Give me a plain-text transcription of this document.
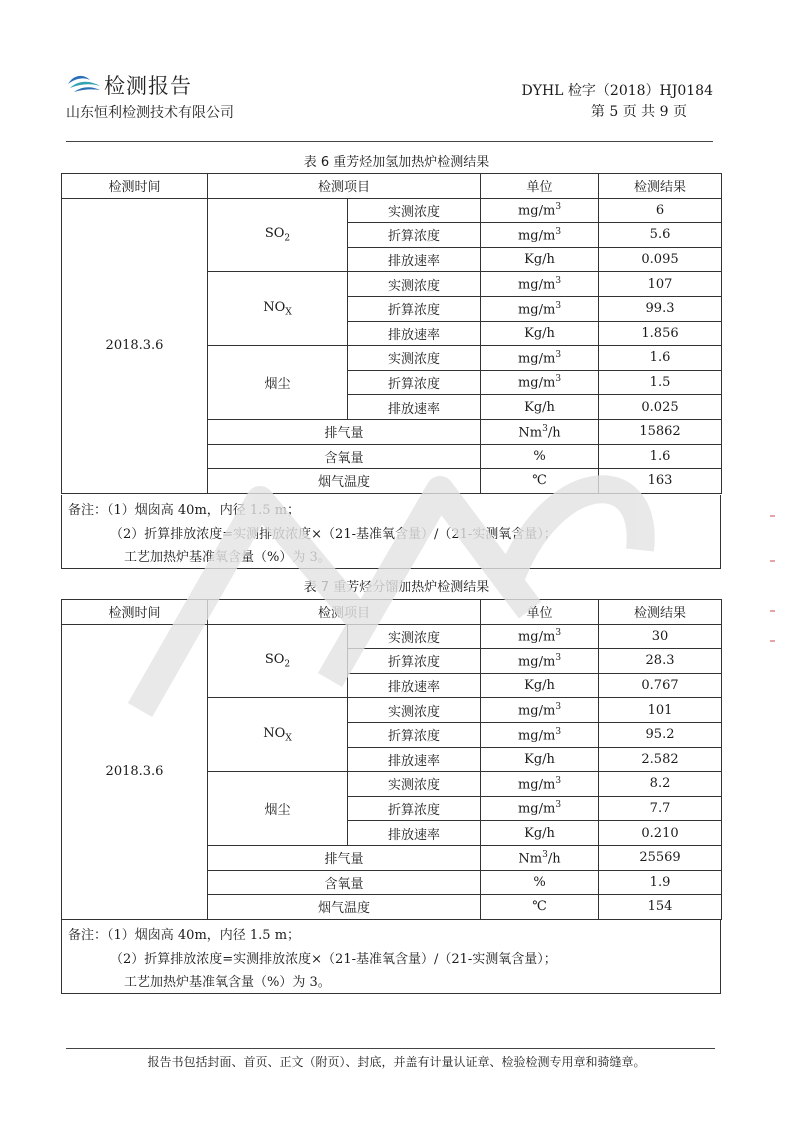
检测报告
山东恒利检测技术有限公司
DYHL 检字（2018）HJ0184
第 5 页 共 9 页
表 6 重芳烃加氢加热炉检测结果
检测时间	检测项目		单位	检测结果
2018.3.6	$SO_2$	实测浓度	$mg/m^3$	6
		折算浓度	$mg/m^3$	5.6
		排放速率	Kg/h	0.095
	$NO_X$	实测浓度	$mg/m^3$	107
		折算浓度	$mg/m^3$	99.3
		排放速率	Kg/h	1.856
	烟尘	实测浓度	$mg/m^3$	1.6
		折算浓度	$mg/m^3$	1.5
		排放速率	Kg/h	0.025
	排气量		Nm$^3$/h	15862
	含氧量		%	1.6
	烟气温度		℃	163
备注：（1）烟囱高 40m，内径 1.5 m；
（2）折算排放浓度=实测排放浓度×（21-基准氧含量）/（21-实测氧含量）；
工艺加热炉基准氧含量（%）为 3。
表 7 重芳烃分馏加热炉检测结果
检测时间	检测项目		单位	检测结果
2018.3.6	$SO_2$	实测浓度	$mg/m^3$	30
		折算浓度	$mg/m^3$	28.3
		排放速率	Kg/h	0.767
	$NO_X$	实测浓度	$mg/m^3$	101
		折算浓度	$mg/m^3$	95.2
		排放速率	Kg/h	2.582
	烟尘	实测浓度	$mg/m^3$	8.2
		折算浓度	$mg/m^3$	7.7
		排放速率	Kg/h	0.210
	排气量		Nm$^3$/h	25569
	含氧量		%	1.9
	烟气温度		℃	154
备注：（1）烟囱高 40m，内径 1.5 m；
（2）折算排放浓度=实测排放浓度×（21-基准氧含量）/（21-实测氧含量）；
工艺加热炉基准氧含量（%）为 3。
报告书包括封面、首页、正文（附页）、封底，并盖有计量认证章、检验检测专用章和骑缝章。
